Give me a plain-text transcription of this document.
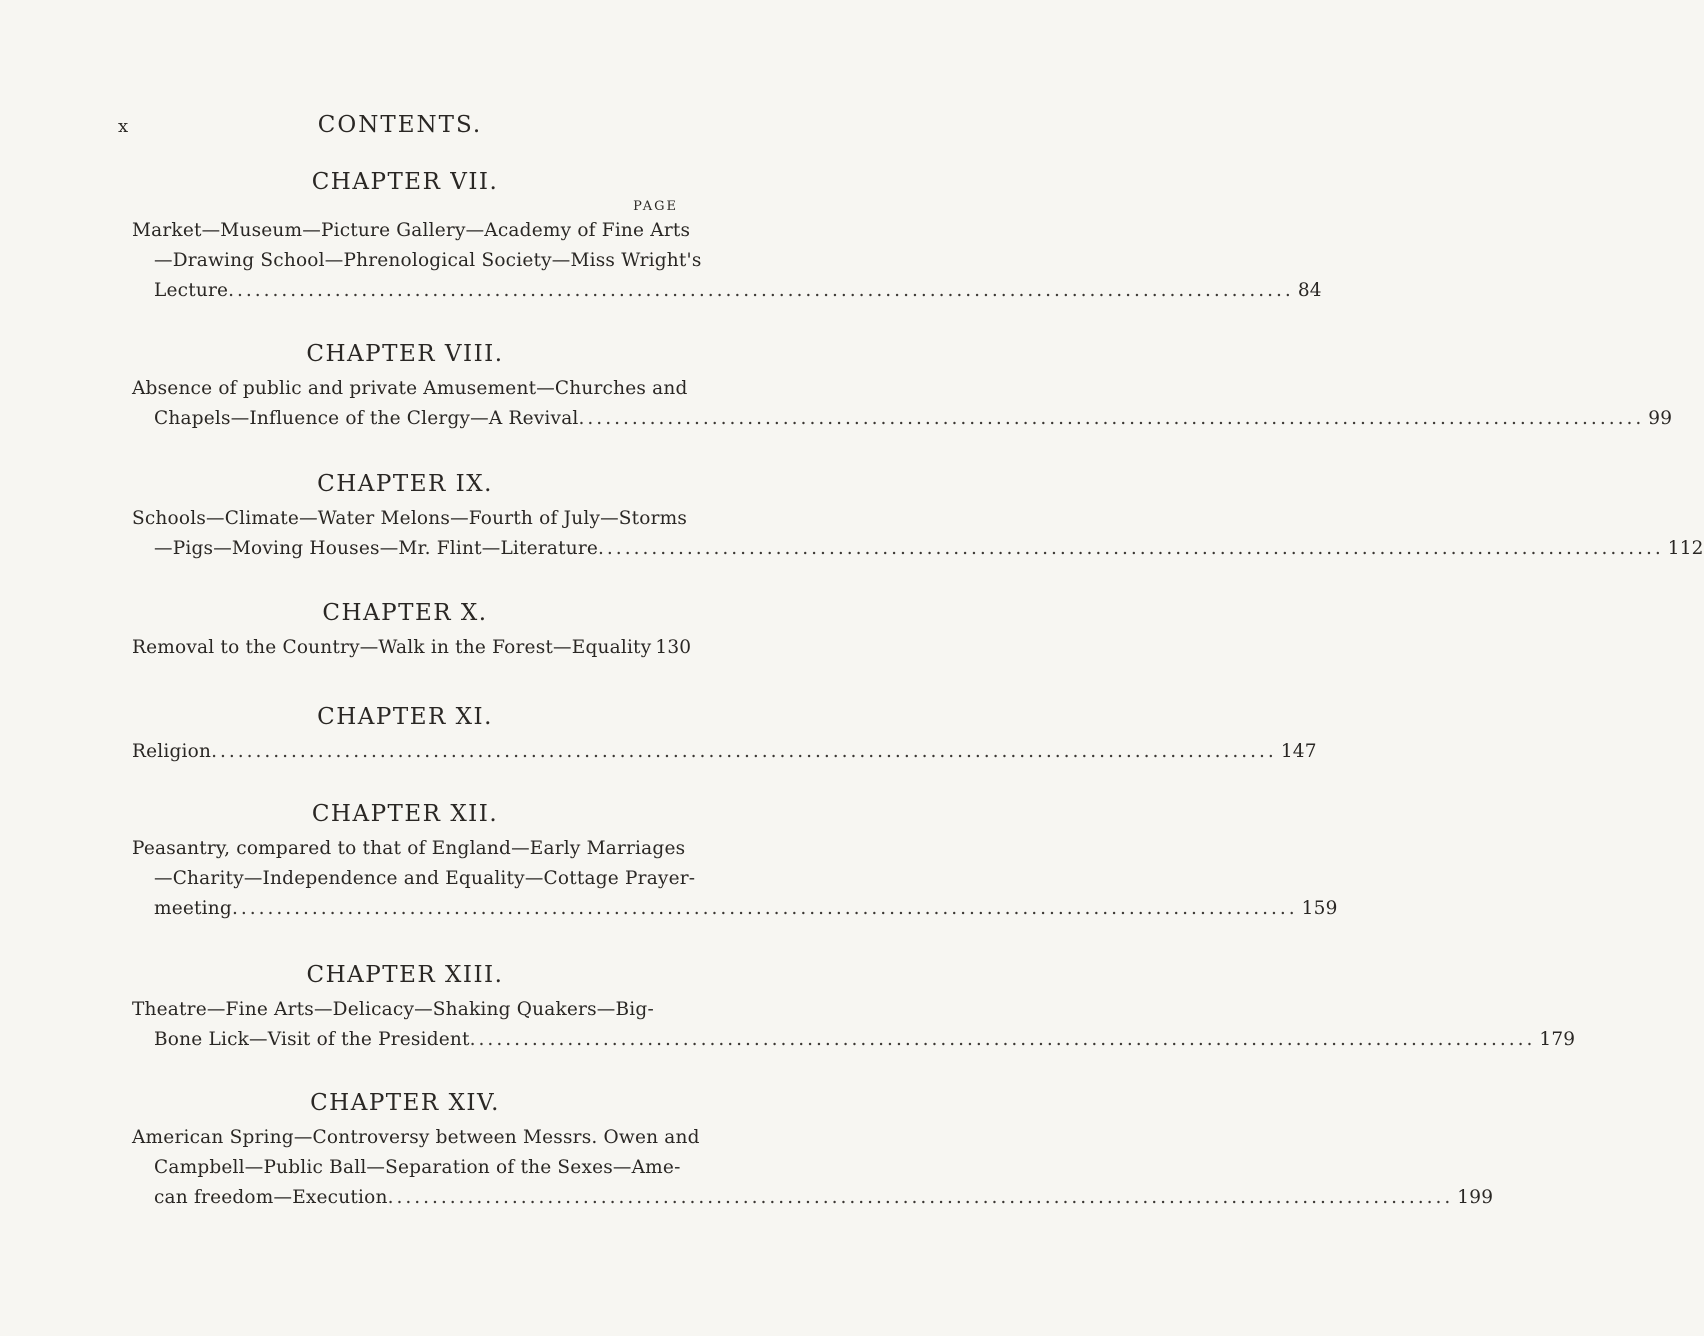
x	CONTENTS.
CHAPTER VII.
PAGE
Market—Museum—Picture Gallery—Academy of Fine Arts
—Drawing School—Phrenological Society—Miss Wright's
Lecture ........................................................................................................................ 84
CHAPTER VIII.
Absence of public and private Amusement—Churches and
Chapels—Influence of the Clergy—A Revival ........................................................................................................................ 99
CHAPTER IX.
Schools—Climate—Water Melons—Fourth of July—Storms
—Pigs—Moving Houses—Mr. Flint—Literature ........................................................................................................................ 112
CHAPTER X.
Removal to the Country—Walk in the Forest—Equality 130
CHAPTER XI.
Religion ........................................................................................................................ 147
CHAPTER XII.
Peasantry, compared to that of England—Early Marriages
—Charity—Independence and Equality—Cottage Prayer-
meeting ........................................................................................................................ 159
CHAPTER XIII.
Theatre—Fine Arts—Delicacy—Shaking Quakers—Big-
Bone Lick—Visit of the President ........................................................................................................................ 179
CHAPTER XIV.
American Spring—Controversy between Messrs. Owen and
Campbell—Public Ball—Separation of the Sexes—Ame-
can freedom—Execution ........................................................................................................................ 199
